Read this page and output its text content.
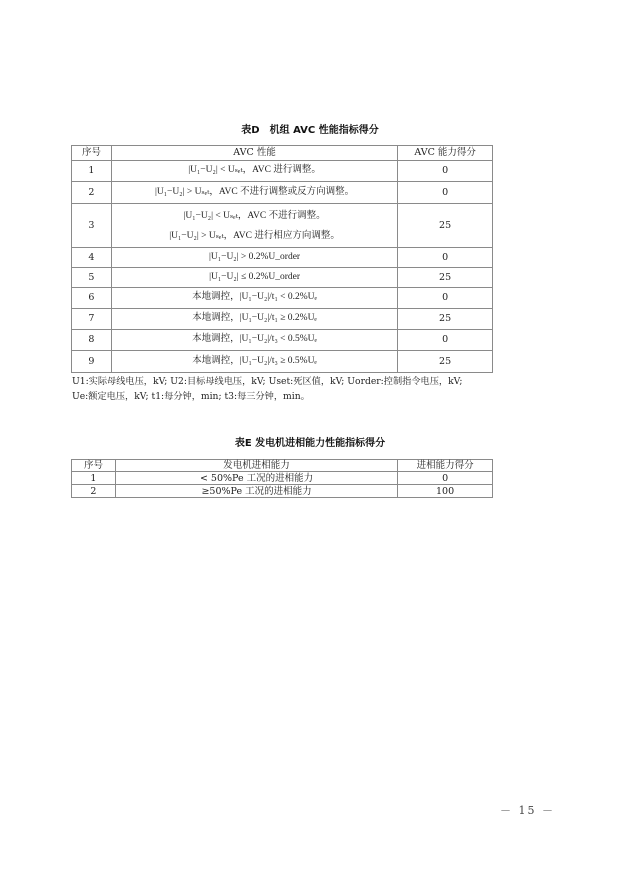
表D　机组 AVC 性能指标得分
序号	AVC 性能	AVC 能力得分
1	|U₁−U₂| < Uₛₑₜ，AVC 进行调整。	0
2	|U₁−U₂| > Uₛₑₜ，AVC 不进行调整或反方向调整。	0
3	|U₁−U₂| < Uₛₑₜ，AVC 不进行调整。
|U₁−U₂| > Uₛₑₜ，AVC 进行相应方向调整。	25
4	|U₁−U₂| > 0.2%U_order	0
5	|U₁−U₂| ≤ 0.2%U_order	25
6	本地调控，|U₁−U₂|/t₁ < 0.2%Uₑ	0
7	本地调控，|U₁−U₂|/t₁ ≥ 0.2%Uₑ	25
8	本地调控，|U₁−U₂|/t₃ < 0.5%Uₑ	0
9	本地调控，|U₁−U₂|/t₃ ≥ 0.5%Uₑ	25
U1:实际母线电压，kV; U2:目标母线电压，kV; Uset:死区值，kV; Uorder:控制指令电压，kV;
Ue:额定电压，kV; t1:每分钟，min; t3:每三分钟，min。
表E 发电机进相能力性能指标得分
序号	发电机进相能力	进相能力得分
1	< 50%Pe 工况的进相能力	0
2	≥50%Pe 工况的进相能力	100
－ 15 －
